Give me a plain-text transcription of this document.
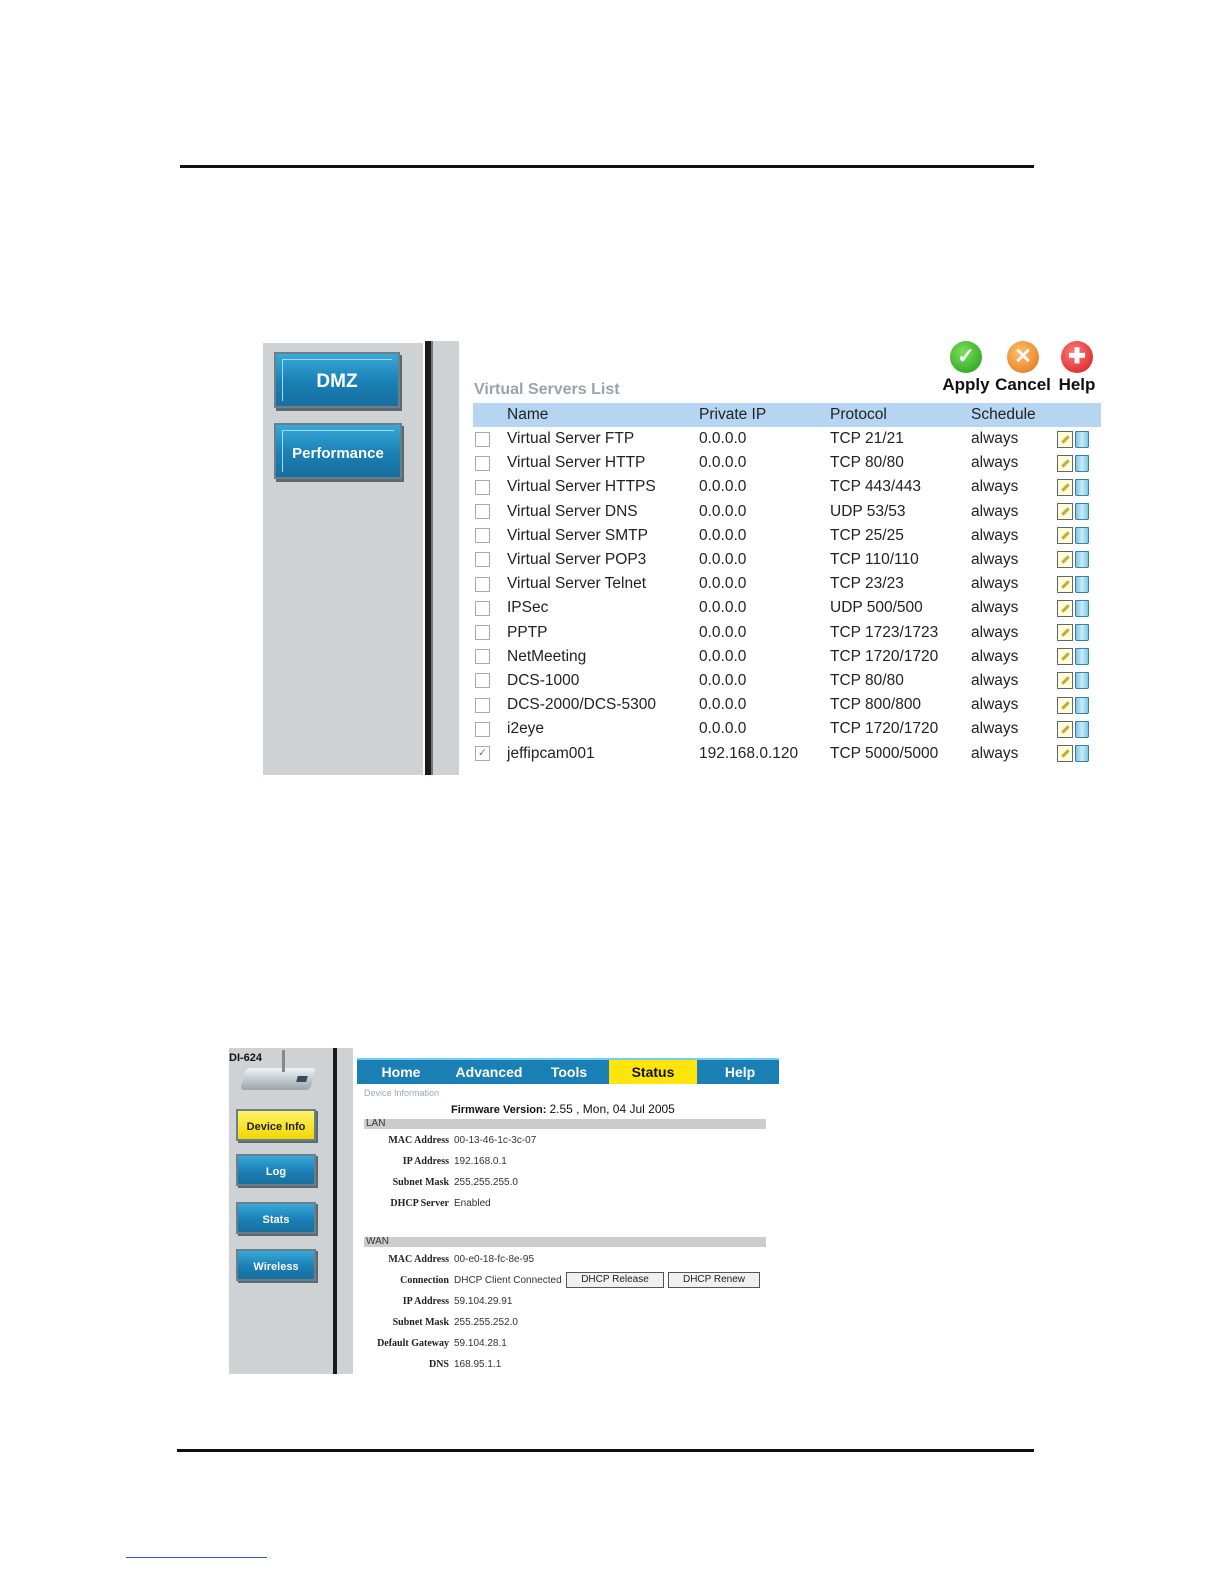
DMZ
Performance
✓
Apply
✕
Cancel
✚
Help
Virtual Servers List
	Name	Private IP	Protocol	Schedule	
	Virtual Server FTP	0.0.0.0	TCP 21/21	always	
	Virtual Server HTTP	0.0.0.0	TCP 80/80	always	
	Virtual Server HTTPS	0.0.0.0	TCP 443/443	always	
	Virtual Server DNS	0.0.0.0	UDP 53/53	always	
	Virtual Server SMTP	0.0.0.0	TCP 25/25	always	
	Virtual Server POP3	0.0.0.0	TCP 110/110	always	
	Virtual Server Telnet	0.0.0.0	TCP 23/23	always	
	IPSec	0.0.0.0	UDP 500/500	always	
	PPTP	0.0.0.0	TCP 1723/1723	always	
	NetMeeting	0.0.0.0	TCP 1720/1720	always	
	DCS-1000	0.0.0.0	TCP 80/80	always	
	DCS-2000/DCS-5300	0.0.0.0	TCP 800/800	always	
	i2eye	0.0.0.0	TCP 1720/1720	always	
✓	jeffipcam001	192.168.0.120	TCP 5000/5000	always	
DI-624
Device Info
Log
Stats
Wireless
Home	Advanced	Tools	Status	Help
Device Information
Firmware Version: 2.55 , Mon, 04 Jul 2005
LAN
MAC Address 00-13-46-1c-3c-07
IP Address 192.168.0.1
Subnet Mask 255.255.255.0
DHCP Server Enabled
WAN
MAC Address 00-e0-18-fc-8e-95
Connection DHCP Client Connected
IP Address 59.104.29.91
Subnet Mask 255.255.252.0
Default Gateway 59.104.28.1
DNS 168.95.1.1
DHCP Release	DHCP Renew
